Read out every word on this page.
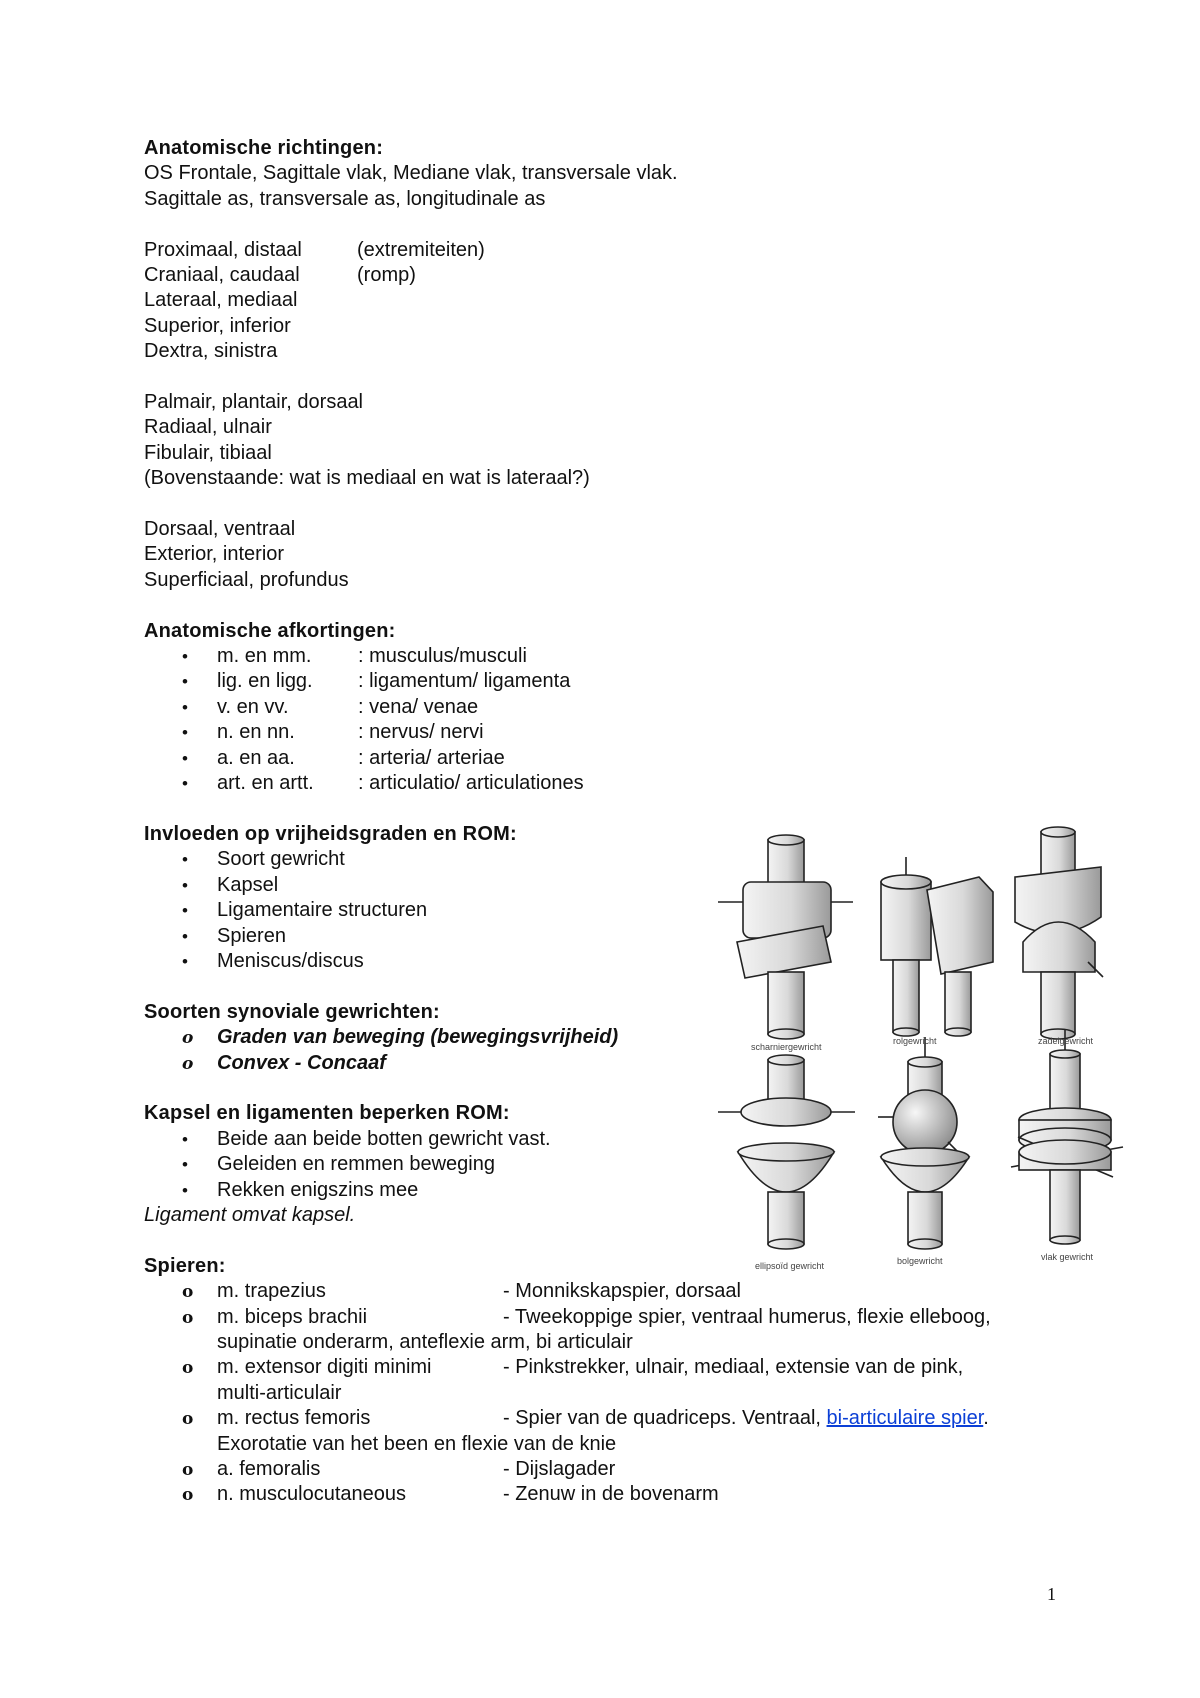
Anatomische richtingen:

OS Frontale, Sagittale vlak, Mediane vlak, transversale vlak.

Sagittale as, transversale as, longitudinale as

Proximaal, distaal	(extremiteiten)
Craniaal, caudaal	(romp)

Lateraal, mediaal

Superior, inferior

Dextra, sinistra

Palmair, plantair, dorsaal

Radiaal, ulnair

Fibulair, tibiaal

(Bovenstaande: wat is mediaal en wat is lateraal?)

Dorsaal, ventraal

Exterior, interior

Superficiaal, profundus

Anatomische afkortingen:

•
m. en mm.	: musculus/musculi
•
lig. en ligg.	: ligamentum/ ligamenta
•
v. en vv.	: vena/ venae
•
n. en nn.	: nervus/ nervi
•
a. en aa.	: arteria/ arteriae
•
art. en artt.	: articulatio/ articulationes

Invloeden op vrijheidsgraden en ROM:

•
Soort gewricht
•
Kapsel
•
Ligamentaire structuren
•
Spieren
•
Meniscus/discus

Soorten synoviale gewrichten:

o
Graden van beweging (bewegingsvrijheid)
o
Convex - Concaaf

Kapsel en ligamenten beperken ROM:

•
Beide aan beide botten gewricht vast.
•
Geleiden en remmen beweging
•
Rekken enigszins mee

Ligament omvat kapsel.

Spieren:

o
m. trapezius	- Monnikskapspier, dorsaal
o
m. biceps brachii	- Tweekoppige spier, ventraal humerus, flexie elleboog,
supinatie onderarm, anteflexie arm, bi articulair
o
m. extensor digiti minimi	- Pinkstrekker, ulnair, mediaal, extensie van de pink,
multi-articulair
o
m. rectus femoris	- Spier van de quadriceps. Ventraal, bi-articulaire spier.
Exorotatie van het been en flexie van de knie
o
a. femoralis	- Dijslagader
o
n. musculocutaneous	- Zenuw in de bovenarm
scharniergewricht
rolgewricht	zadelgewricht
ellipsoïd gewricht	bolgewricht	vlak gewricht
1
